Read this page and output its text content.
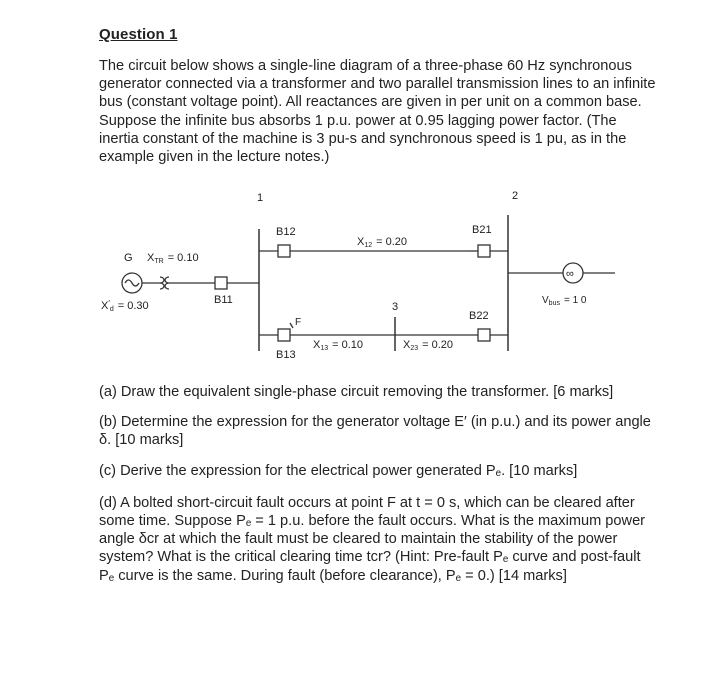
Question 1

The circuit below shows a single-line diagram of a three-phase 60 Hz synchronous generator connected via a transformer and two parallel transmission lines to an infinite bus (constant voltage point). All reactances are given in per unit on a common base. Suppose the infinite bus absorbs 1 p.u. power at 0.95 lagging power factor. (The inertia constant of the machine is 3 pu-s and synchronous speed is 1 pu, as in the example given in the lecture notes.)

1	2
3
G XTR = 0.10
$X'_d = 0.30$	B11
B12	B21
B22
B13
F
X12 = 0.20
X13 = 0.10	X23 = 0.20
∞
$V_{bus} = 1$ 0

(a) Draw the equivalent single-phase circuit removing the transformer. [6 marks]

(b) Determine the expression for the generator voltage E′ (in p.u.) and its power angle δ. [10 marks]

(c) Derive the expression for the electrical power generated Pₑ. [10 marks]

(d) A bolted short-circuit fault occurs at point F at t = 0 s, which can be cleared after some time. Suppose Pₑ = 1 p.u. before the fault occurs. What is the maximum power angle δcr at which the fault must be cleared to maintain the stability of the power system? What is the critical clearing time tcr? (Hint: Pre-fault Pₑ curve and post-fault Pₑ curve is the same. During fault (before clearance), Pₑ = 0.) [14 marks]
